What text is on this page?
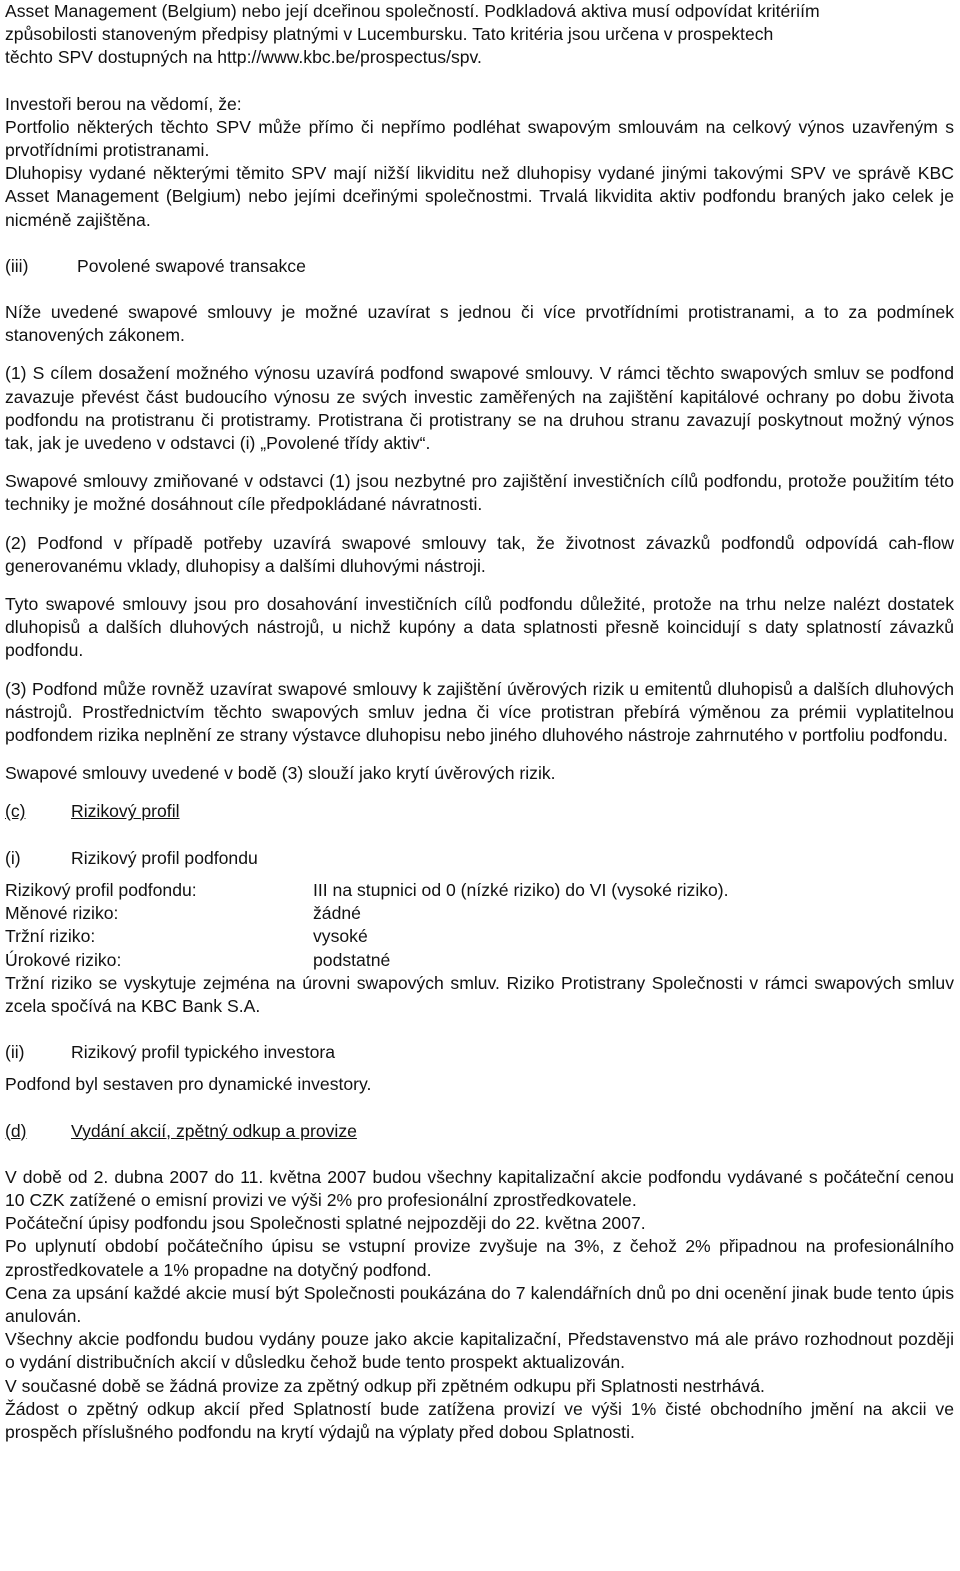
Asset Management (Belgium) nebo její dceřinou společností. Podkladová aktiva musí odpovídat kritériím

způsobilosti stanoveným předpisy platnými v Lucembursku. Tato kritéria jsou určena v prospektech

těchto SPV dostupných na http://www.kbc.be/prospectus/spv.

Investoři berou na vědomí, že:

Portfolio některých těchto SPV může přímo či nepřímo podléhat swapovým smlouvám na celkový výnos uzavřeným s prvotřídními protistranami.

Dluhopisy vydané některými těmito SPV mají nižší likviditu než dluhopisy vydané jinými takovými SPV ve správě KBC Asset Management (Belgium) nebo jejími dceřinými společnostmi. Trvalá likvidita aktiv podfondu braných jako celek je nicméně zajištěna.

(iii)	Povolené swapové transakce

Níže uvedené swapové smlouvy je možné uzavírat s jednou či více prvotřídními protistranami, a to za podmínek stanovených zákonem.

(1) S cílem dosažení možného výnosu uzavírá podfond swapové smlouvy. V rámci těchto swapových smluv se podfond zavazuje převést část budoucího výnosu ze svých investic zaměřených na zajištění kapitálové ochrany po dobu života podfondu na protistranu či protistramy. Protistrana či protistrany se na druhou stranu zavazují poskytnout možný výnos tak, jak je uvedeno v odstavci (i) „Povolené třídy aktiv“.

Swapové smlouvy zmiňované v odstavci (1) jsou nezbytné pro zajištění investičních cílů podfondu, protože použitím této techniky je možné dosáhnout cíle předpokládané návratnosti.

(2) Podfond v případě potřeby uzavírá swapové smlouvy tak, že životnost závazků podfondů odpovídá cah-flow generovanému vklady, dluhopisy a dalšími dluhovými nástroji.

Tyto swapové smlouvy jsou pro dosahování investičních cílů podfondu důležité, protože na trhu nelze nalézt dostatek dluhopisů a dalších dluhových nástrojů, u nichž kupóny a data splatnosti přesně koincidují s daty splatností závazků podfondu.

(3) Podfond může rovněž uzavírat swapové smlouvy k zajištění úvěrových rizik u emitentů dluhopisů a dalších dluhových nástrojů. Prostřednictvím těchto swapových smluv jedna či více protistran přebírá výměnou za prémii vyplatitelnou podfondem rizika neplnění ze strany výstavce dluhopisu nebo jiného dluhového nástroje zahrnutého v portfoliu podfondu.

Swapové smlouvy uvedené v bodě (3) slouží jako krytí úvěrových rizik.

(c)	Rizikový profil
(i)	Rizikový profil podfondu
Rizikový profil podfondu:	III na stupnici od 0 (nízké riziko) do VI (vysoké riziko).
Měnové riziko:	žádné
Tržní riziko:	vysoké
Úrokové riziko:	podstatné

Tržní riziko se vyskytuje zejména na úrovni swapových smluv. Riziko Protistrany Společnosti v rámci swapových smluv zcela spočívá na KBC Bank S.A.

(ii)	Rizikový profil typického investora

Podfond byl sestaven pro dynamické investory.

(d)	Vydání akcií, zpětný odkup a provize

V době od 2. dubna 2007 do 11. května 2007 budou všechny kapitalizační akcie podfondu vydávané s počáteční cenou 10 CZK zatížené o emisní provizi ve výši 2% pro profesionální zprostředkovatele.

Počáteční úpisy podfondu jsou Společnosti splatné nejpozději do 22. května 2007.

Po uplynutí období počátečního úpisu se vstupní provize zvyšuje na 3%, z čehož 2% připadnou na profesionálního zprostředkovatele a 1% propadne na dotyčný podfond.

Cena za upsání každé akcie musí být Společnosti poukázána do 7 kalendářních dnů po dni ocenění jinak bude tento úpis anulován.

Všechny akcie podfondu budou vydány pouze jako akcie kapitalizační, Představenstvo má ale právo rozhodnout později o vydání distribučních akcií v důsledku čehož bude tento prospekt aktualizován.

V současné době se žádná provize za zpětný odkup při zpětném odkupu při Splatnosti nestrhává.

Žádost o zpětný odkup akcií před Splatností bude zatížena provizí ve výši 1% čisté obchodního jmění na akcii ve prospěch příslušného podfondu na krytí výdajů na výplaty před dobou Splatnosti.
